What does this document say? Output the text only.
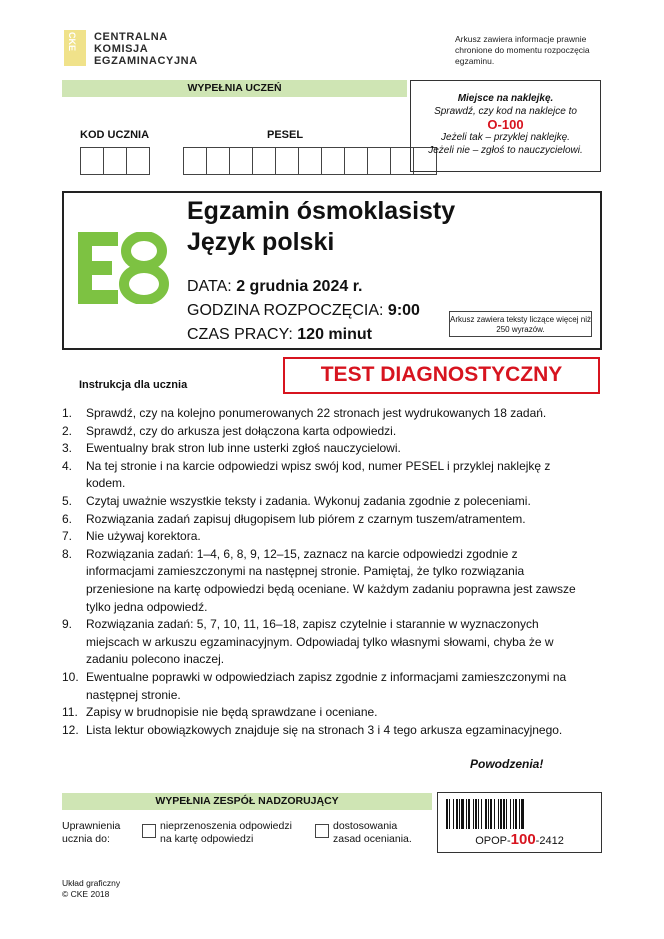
CKE CENTRALNA
KOMISJA
EGZAMINACYJNA
Arkusz zawiera informacje prawnie chronione do momentu rozpoczęcia egzaminu.
WYPEŁNIA UCZEŃ
KOD UCZNIA	PESEL
Miejsce na naklejkę.
Sprawdź, czy kod na naklejce to
O-100
Jeżeli tak – przyklej naklejkę.
Jeżeli nie – zgłoś to nauczycielowi.
Egzamin ósmoklasisty
Język polski
DATA: 2 grudnia 2024 r.
GODZINA ROZPOCZĘCIA: 9:00
CZAS PRACY: 120 minut
Arkusz zawiera teksty liczące więcej niż 250 wyrazów.
TEST DIAGNOSTYCZNY
Instrukcja dla ucznia
1.	Sprawdź, czy na kolejno ponumerowanych 22 stronach jest wydrukowanych 18 zadań.
2.	Sprawdź, czy do arkusza jest dołączona karta odpowiedzi.
3.	Ewentualny brak stron lub inne usterki zgłoś nauczycielowi.
4.	Na tej stronie i na karcie odpowiedzi wpisz swój kod, numer PESEL i przyklej naklejkę z kodem.
5.	Czytaj uważnie wszystkie teksty i zadania. Wykonuj zadania zgodnie z poleceniami.
6.	Rozwiązania zadań zapisuj długopisem lub piórem z czarnym tuszem/atramentem.
7.	Nie używaj korektora.
8.	Rozwiązania zadań: 1–4, 6, 8, 9, 12–15, zaznacz na karcie odpowiedzi zgodnie z informacjami zamieszczonymi na następnej stronie. Pamiętaj, że tylko rozwiązania przeniesione na kartę odpowiedzi będą oceniane. W każdym zadaniu poprawna jest zawsze tylko jedna odpowiedź.
9.	Rozwiązania zadań: 5, 7, 10, 11, 16–18, zapisz czytelnie i starannie w wyznaczonych miejscach w arkuszu egzaminacyjnym. Odpowiadaj tylko własnymi słowami, chyba że w zadaniu polecono inaczej.
10. Ewentualne poprawki w odpowiedziach zapisz zgodnie z informacjami zamieszczonymi na następnej stronie.
11. Zapisy w brudnopisie nie będą sprawdzane i oceniane.
12. Lista lektur obowiązkowych znajduje się na stronach 3 i 4 tego arkusza egzaminacyjnego.
Powodzenia!
WYPEŁNIA ZESPÓŁ NADZORUJĄCY
Uprawnienia
ucznia do:
nieprzenoszenia odpowiedzi
na kartę odpowiedzi
dostosowania
zasad oceniania.	OPOP-100-2412
Układ graficzny
© CKE 2018
